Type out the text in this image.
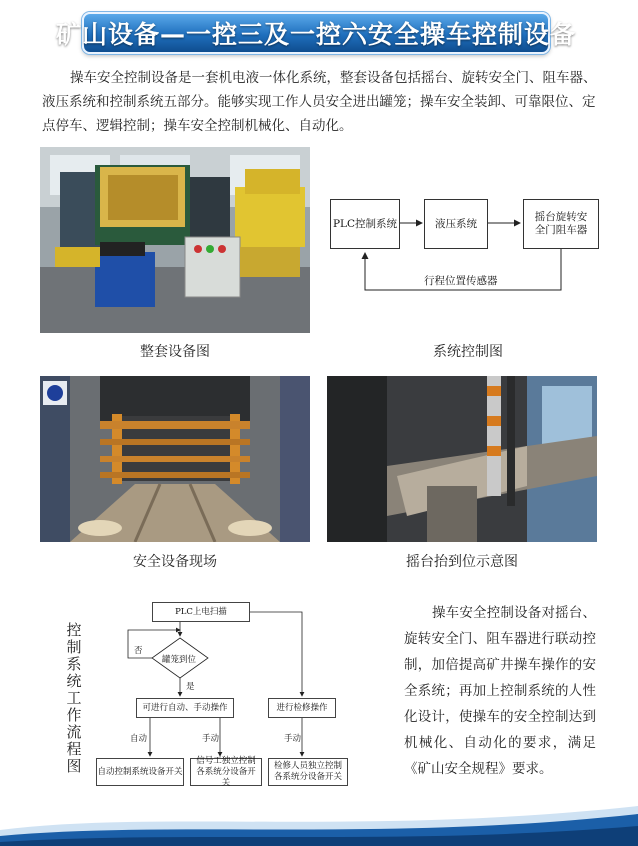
矿山设备—一控三及一控六安全操车控制设备

操车安全控制设备是一套机电液一体化系统，整套设备包括摇台、旋转安全门、阻车器、液压系统和控制系统五部分。能够实现工作人员安全进出罐笼；操车安全装卸、可靠限位、定点停车、逻辑控制；操车安全控制机械化、自动化。

整套设备图
PLC控制系统	液压系统
摇台旋转安全门阻车器
行程位置传感器
系统控制图
安全设备现场	摇台抬到位示意图
控制系统工作流程图
PLC上电扫描
否
罐笼到位
是
可进行自动、手动操作	进行检修操作
自动	手动	手动
自动控制系统设备开关
信号工独立控制各系统分设备开关
检修人员独立控制各系统分设备开关

操车安全控制设备对摇台、旋转安全门、阻车器进行联动控制，加倍提高矿井操车操作的安全系统；再加上控制系统的人性化设计，使操车的安全控制达到机械化、自动化的要求，满足《矿山安全规程》要求。
